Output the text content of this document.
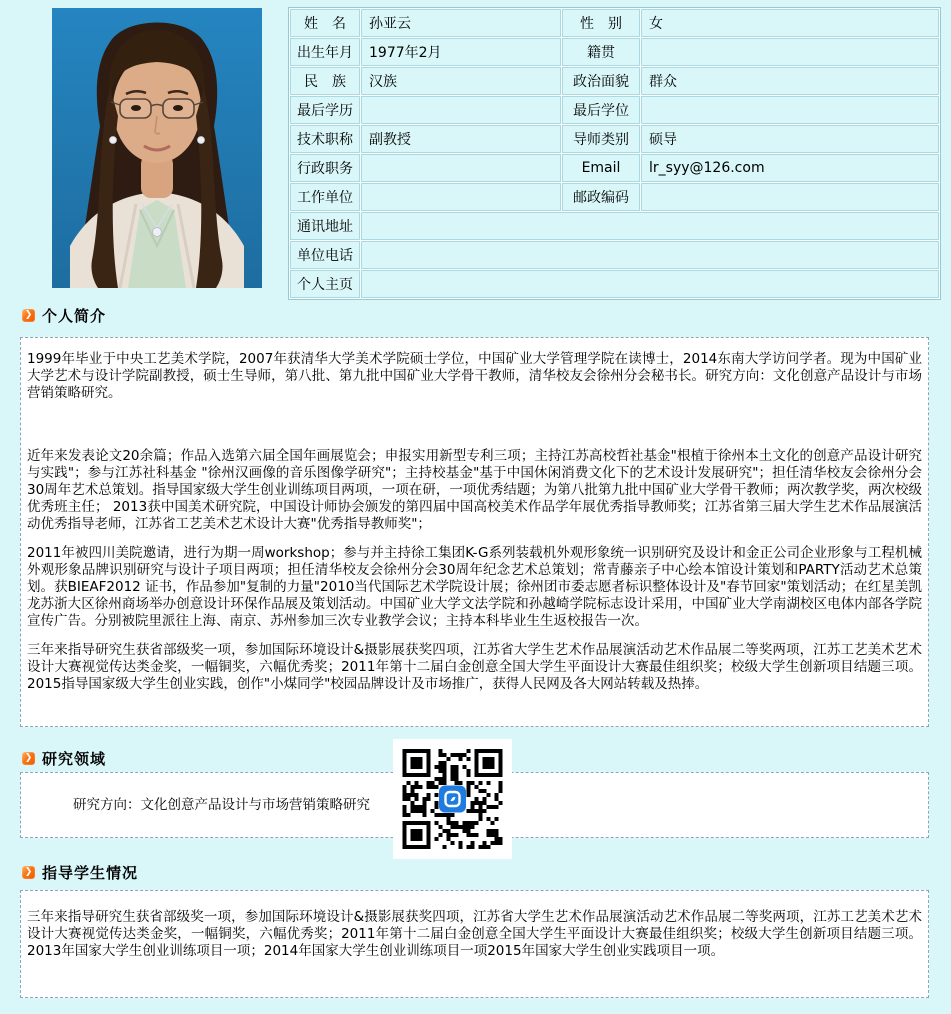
姓　名	孙亚云	性　别	女
出生年月	1977年2月	籍贯	
民　族	汉族	政治面貌	群众
最后学历		最后学位	
技术职称	副教授	导师类别	硕导
行政职务		Email	lr_syy@126.com
工作单位		邮政编码	
通讯地址			
单位电话			
个人主页			
❯ 个人简介

1999年毕业于中央工艺美术学院，2007年获清华大学美术学院硕士学位，中国矿业大学管理学院在读博士，2014东南大学访问学者。现为中国矿业大学艺术与设计学院副教授，硕士生导师，第八批、第九批中国矿业大学骨干教师，清华校友会徐州分会秘书长。研究方向：文化创意产品设计与市场营销策略研究。

近年来发表论文20余篇；作品入选第六届全国年画展览会；申报实用新型专利三项；主持江苏高校哲社基金"根植于徐州本土文化的创意产品设计研究与实践"；参与江苏社科基金 "徐州汉画像的音乐图像学研究"；主持校基金"基于中国休闲消费文化下的艺术设计发展研究"；担任清华校友会徐州分会30周年艺术总策划。指导国家级大学生创业训练项目两项，一项在研，一项优秀结题；为第八批第九批中国矿业大学骨干教师；两次教学奖，两次校级优秀班主任； 2013获中国美术研究院，中国设计师协会颁发的第四届中国高校美术作品学年展优秀指导教师奖；江苏省第三届大学生艺术作品展演活动优秀指导老师，江苏省工艺美术艺术设计大赛"优秀指导教师奖"；

2011年被四川美院邀请，进行为期一周workshop；参与并主持徐工集团K-G系列装载机外观形象统一识别研究及设计和金正公司企业形象与工程机械外观形象品牌识别研究与设计子项目两项；担任清华校友会徐州分会30周年纪念艺术总策划；常青藤亲子中心绘本馆设计策划和PARTY活动艺术总策划。获BIEAF2012 证书，作品参加"复制的力量"2010当代国际艺术学院设计展；徐州团市委志愿者标识整体设计及"春节回家"策划活动；在红星美凯龙苏浙大区徐州商场举办创意设计环保作品展及策划活动。中国矿业大学文法学院和孙越崎学院标志设计采用，中国矿业大学南湖校区电体内部各学院宣传广告。分别被院里派往上海、南京、苏州参加三次专业教学会议；主持本科毕业生生返校报告一次。

三年来指导研究生获省部级奖一项，参加国际环境设计&摄影展获奖四项，江苏省大学生艺术作品展演活动艺术作品展二等奖两项，江苏工艺美术艺术设计大赛视觉传达类金奖，一幅铜奖，六幅优秀奖；2011年第十二届白金创意全国大学生平面设计大赛最佳组织奖；校级大学生创新项目结题三项。2015指导国家级大学生创业实践，创作"小煤同学"校园品牌设计及市场推广，获得人民网及各大网站转载及热捧。

❯ 研究领域
研究方向：文化创意产品设计与市场营销策略研究
❯ 指导学生情况

三年来指导研究生获省部级奖一项，参加国际环境设计&摄影展获奖四项，江苏省大学生艺术作品展演活动艺术作品展二等奖两项，江苏工艺美术艺术设计大赛视觉传达类金奖，一幅铜奖，六幅优秀奖；2011年第十二届白金创意全国大学生平面设计大赛最佳组织奖；校级大学生创新项目结题三项。2013年国家大学生创业训练项目一项；2014年国家大学生创业训练项目一项2015年国家大学生创业实践项目一项。
